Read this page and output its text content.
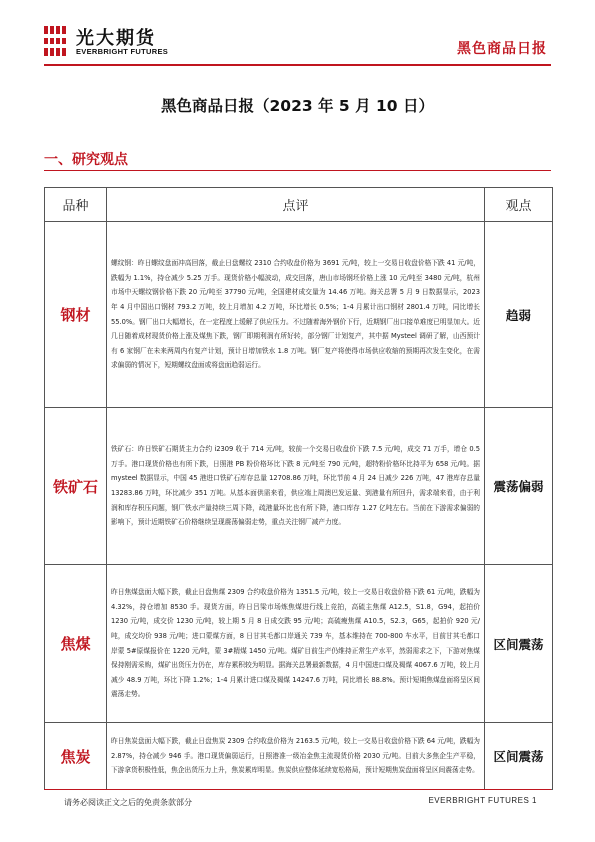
光大期货
EVERBRIGHT FUTURES	黑色商品日报
黑色商品日报（2023 年 5 月 10 日）
一、研究观点
品种	点评	观点
钢材	螺纹钢：昨日螺纹盘面冲高回落，截止日盘螺纹 2310 合约收盘价格为 3691 元/吨，较上一交易日收盘价格下跌 41 元/吨，跌幅为 1.1%，持仓减少 5.25 万手。现货价格小幅波动，成交回落，唐山市场钢坯价格上涨 10 元/吨至 3480 元/吨，杭州市场中天螺纹钢价格下跌 20 元/吨至 37790 元/吨，全国建材成交量为 14.46 万吨。海关总署 5 月 9 日数据显示，2023 年 4 月中国出口钢材 793.2 万吨，较上月增加 4.2 万吨，环比增长 0.5%；1-4 月累计出口钢材 2801.4 万吨，同比增长 55.0%。钢厂出口大幅增长，在一定程度上缓解了供应压力。不过随着海外钢价下行，近期钢厂出口接单难度已明显加大。近几日随着成材现货价格上涨及煤焦下跌，钢厂即期利润有所好转，部分钢厂计划复产，其中据 Mysteel 调研了解，山西预计有 6 家钢厂在未来两周内有复产计划，预计日增加铁水 1.8 万吨。钢厂复产将使得市场供应收缩的预期再次发生变化，在需求偏弱的情况下，短期螺纹盘面或将盘面趋弱运行。	趋弱
铁矿石	铁矿石：昨日铁矿石期货主力合约 i2309 收于 714 元/吨，较前一个交易日收盘价下跌 7.5 元/吨，成交 71 万手，增仓 0.5 万手。港口现货价格也有所下跌，日照港 PB 粉价格环比下跌 8 元/吨至 790 元/吨，超特粉价格环比持平为 658 元/吨。据 mysteel 数据显示，中国 45 港进口铁矿石库存总量 12708.86 万吨，环比节前 4 月 24 日减少 226 万吨，47 港库存总量 13283.86 万吨，环比减少 351 万吨。从基本面供需来看，供应端上周澳巴发运量、到港量有所回升，需求端来看，由于利润和库存积压问题，钢厂铁水产量持续三周下降，疏港量环比也有所下降，港口库存 1.27 亿吨左右。当前在下游需求偏弱的影响下，预计近期铁矿石价格继续呈现震荡偏弱走势，重点关注钢厂减产力度。	震荡偏弱
焦煤	昨日焦煤盘面大幅下跌，截止日盘焦煤 2309 合约收盘价格为 1351.5 元/吨，较上一交易日收盘价格下跌 61 元/吨，跌幅为 4.32%，持仓增加 8530 手。现货方面，昨日吕梁市场炼焦煤进行线上竞拍，高硫主焦煤 A12.5，S1.8，G94，起拍价 1230 元/吨，成交价 1230 元/吨，较上期 5 月 8 日成交跌 95 元/吨；高硫瘦焦煤 A10.5，S2.3，G65，起拍价 920 元/吨，成交均价 938 元/吨；进口蒙煤方面，8 日甘其毛都口岸通关 739 车，基本维持在 700-800 车水平，目前甘其毛都口岸蒙 5#原煤报价在 1220 元/吨，蒙 3#精煤 1450 元/吨。煤矿目前生产仍维持正常生产水平，然弱需求之下，下游对焦煤保持刚需采购，煤矿出货压力仍在，库存累积较为明显。据海关总署最新数据，4 月中国进口煤及褐煤 4067.6 万吨，较上月减少 48.9 万吨，环比下降 1.2%；1-4 月累计进口煤及褐煤 14247.6 万吨，同比增长 88.8%。预计短期焦煤盘面将呈区间震荡走势。	区间震荡
焦炭	昨日焦炭盘面大幅下跌，截止日盘焦炭 2309 合约收盘价格为 2163.5 元/吨，较上一交易日收盘价格下跌 64 元/吨，跌幅为 2.87%，持仓减少 946 手。港口现货偏弱运行，日照港准一级冶金焦主流现货价格 2030 元/吨。目前大多焦企生产平稳，下游拿货积极性低，焦企出货压力上升，焦炭累库明显。焦炭供应整体延续宽松格局，预计短期焦炭盘面将呈区间震荡走势。	区间震荡
请务必阅读正文之后的免责条款部分	EVERBRIGHT FUTURES 1
